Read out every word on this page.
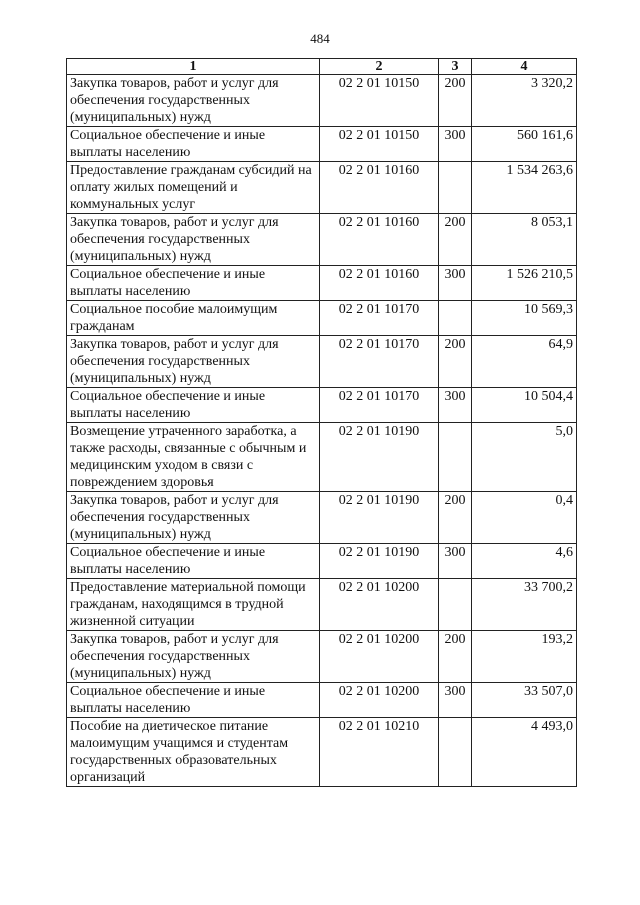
484
1	2	3	4
Закупка товаров, работ и услуг для обеспечения государственных (муниципальных) нужд	02 2 01 10150	200	3 320,2
Социальное обеспечение и иные выплаты населению	02 2 01 10150	300	560 161,6
Предоставление гражданам субсидий на оплату жилых помещений и коммунальных услуг	02 2 01 10160		1 534 263,6
Закупка товаров, работ и услуг для обеспечения государственных (муниципальных) нужд	02 2 01 10160	200	8 053,1
Социальное обеспечение и иные выплаты населению	02 2 01 10160	300	1 526 210,5
Социальное пособие малоимущим гражданам	02 2 01 10170		10 569,3
Закупка товаров, работ и услуг для обеспечения государственных (муниципальных) нужд	02 2 01 10170	200	64,9
Социальное обеспечение и иные выплаты населению	02 2 01 10170	300	10 504,4
Возмещение утраченного заработка, а также расходы, связанные с обычным и медицинским уходом в связи с повреждением здоровья	02 2 01 10190		5,0
Закупка товаров, работ и услуг для обеспечения государственных (муниципальных) нужд	02 2 01 10190	200	0,4
Социальное обеспечение и иные выплаты населению	02 2 01 10190	300	4,6
Предоставление материальной помощи гражданам, находящимся в трудной жизненной ситуации	02 2 01 10200		33 700,2
Закупка товаров, работ и услуг для обеспечения государственных (муниципальных) нужд	02 2 01 10200	200	193,2
Социальное обеспечение и иные выплаты населению	02 2 01 10200	300	33 507,0
Пособие на диетическое питание малоимущим учащимся и студентам государственных образовательных организаций	02 2 01 10210		4 493,0
